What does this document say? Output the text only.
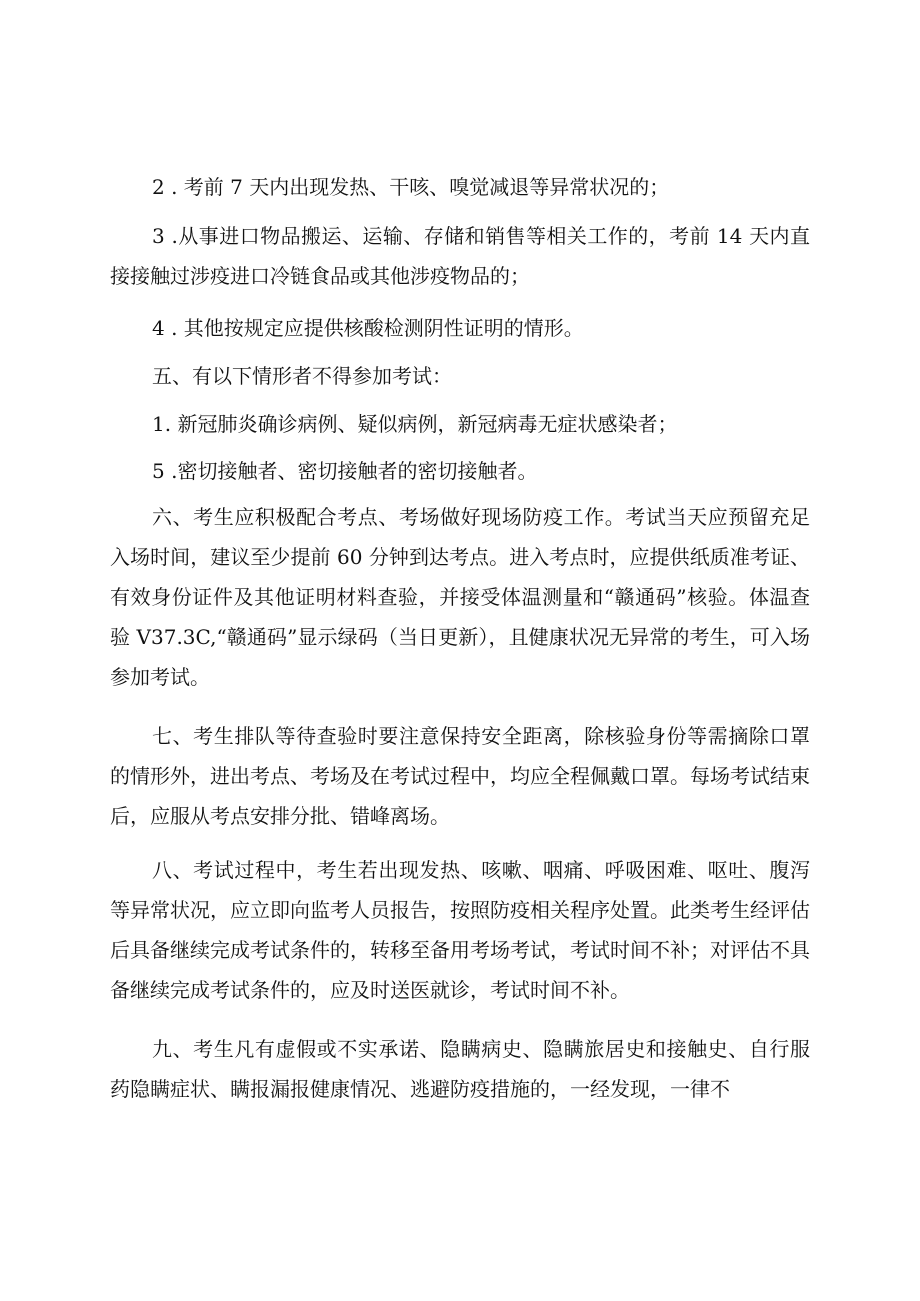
2 . 考前 7 天内出现发热、干咳、嗅觉减退等异常状况的；

3 .从事进口物品搬运、运输、存储和销售等相关工作的，考前 14 天内直接接触过涉疫进口冷链食品或其他涉疫物品的；

4 . 其他按规定应提供核酸检测阴性证明的情形。

五、有以下情形者不得参加考试：

1. 新冠肺炎确诊病例、疑似病例，新冠病毒无症状感染者；

5 .密切接触者、密切接触者的密切接触者。

六、考生应积极配合考点、考场做好现场防疫工作。考试当天应预留充足入场时间，建议至少提前 60 分钟到达考点。进入考点时，应提供纸质准考证、有效身份证件及其他证明材料查验，并接受体温测量和“赣通码”核验。体温查验 V37.3C,“赣通码”显示绿码（当日更新），且健康状况无异常的考生，可入场参加考试。

七、考生排队等待查验时要注意保持安全距离，除核验身份等需摘除口罩的情形外，进出考点、考场及在考试过程中，均应全程佩戴口罩。每场考试结束后，应服从考点安排分批、错峰离场。

八、考试过程中，考生若出现发热、咳嗽、咽痛、呼吸困难、呕吐、腹泻等异常状况，应立即向监考人员报告，按照防疫相关程序处置。此类考生经评估后具备继续完成考试条件的，转移至备用考场考试，考试时间不补；对评估不具备继续完成考试条件的，应及时送医就诊，考试时间不补。

九、考生凡有虚假或不实承诺、隐瞒病史、隐瞒旅居史和接触史、自行服药隐瞒症状、瞒报漏报健康情况、逃避防疫措施的，一经发现，一律不
